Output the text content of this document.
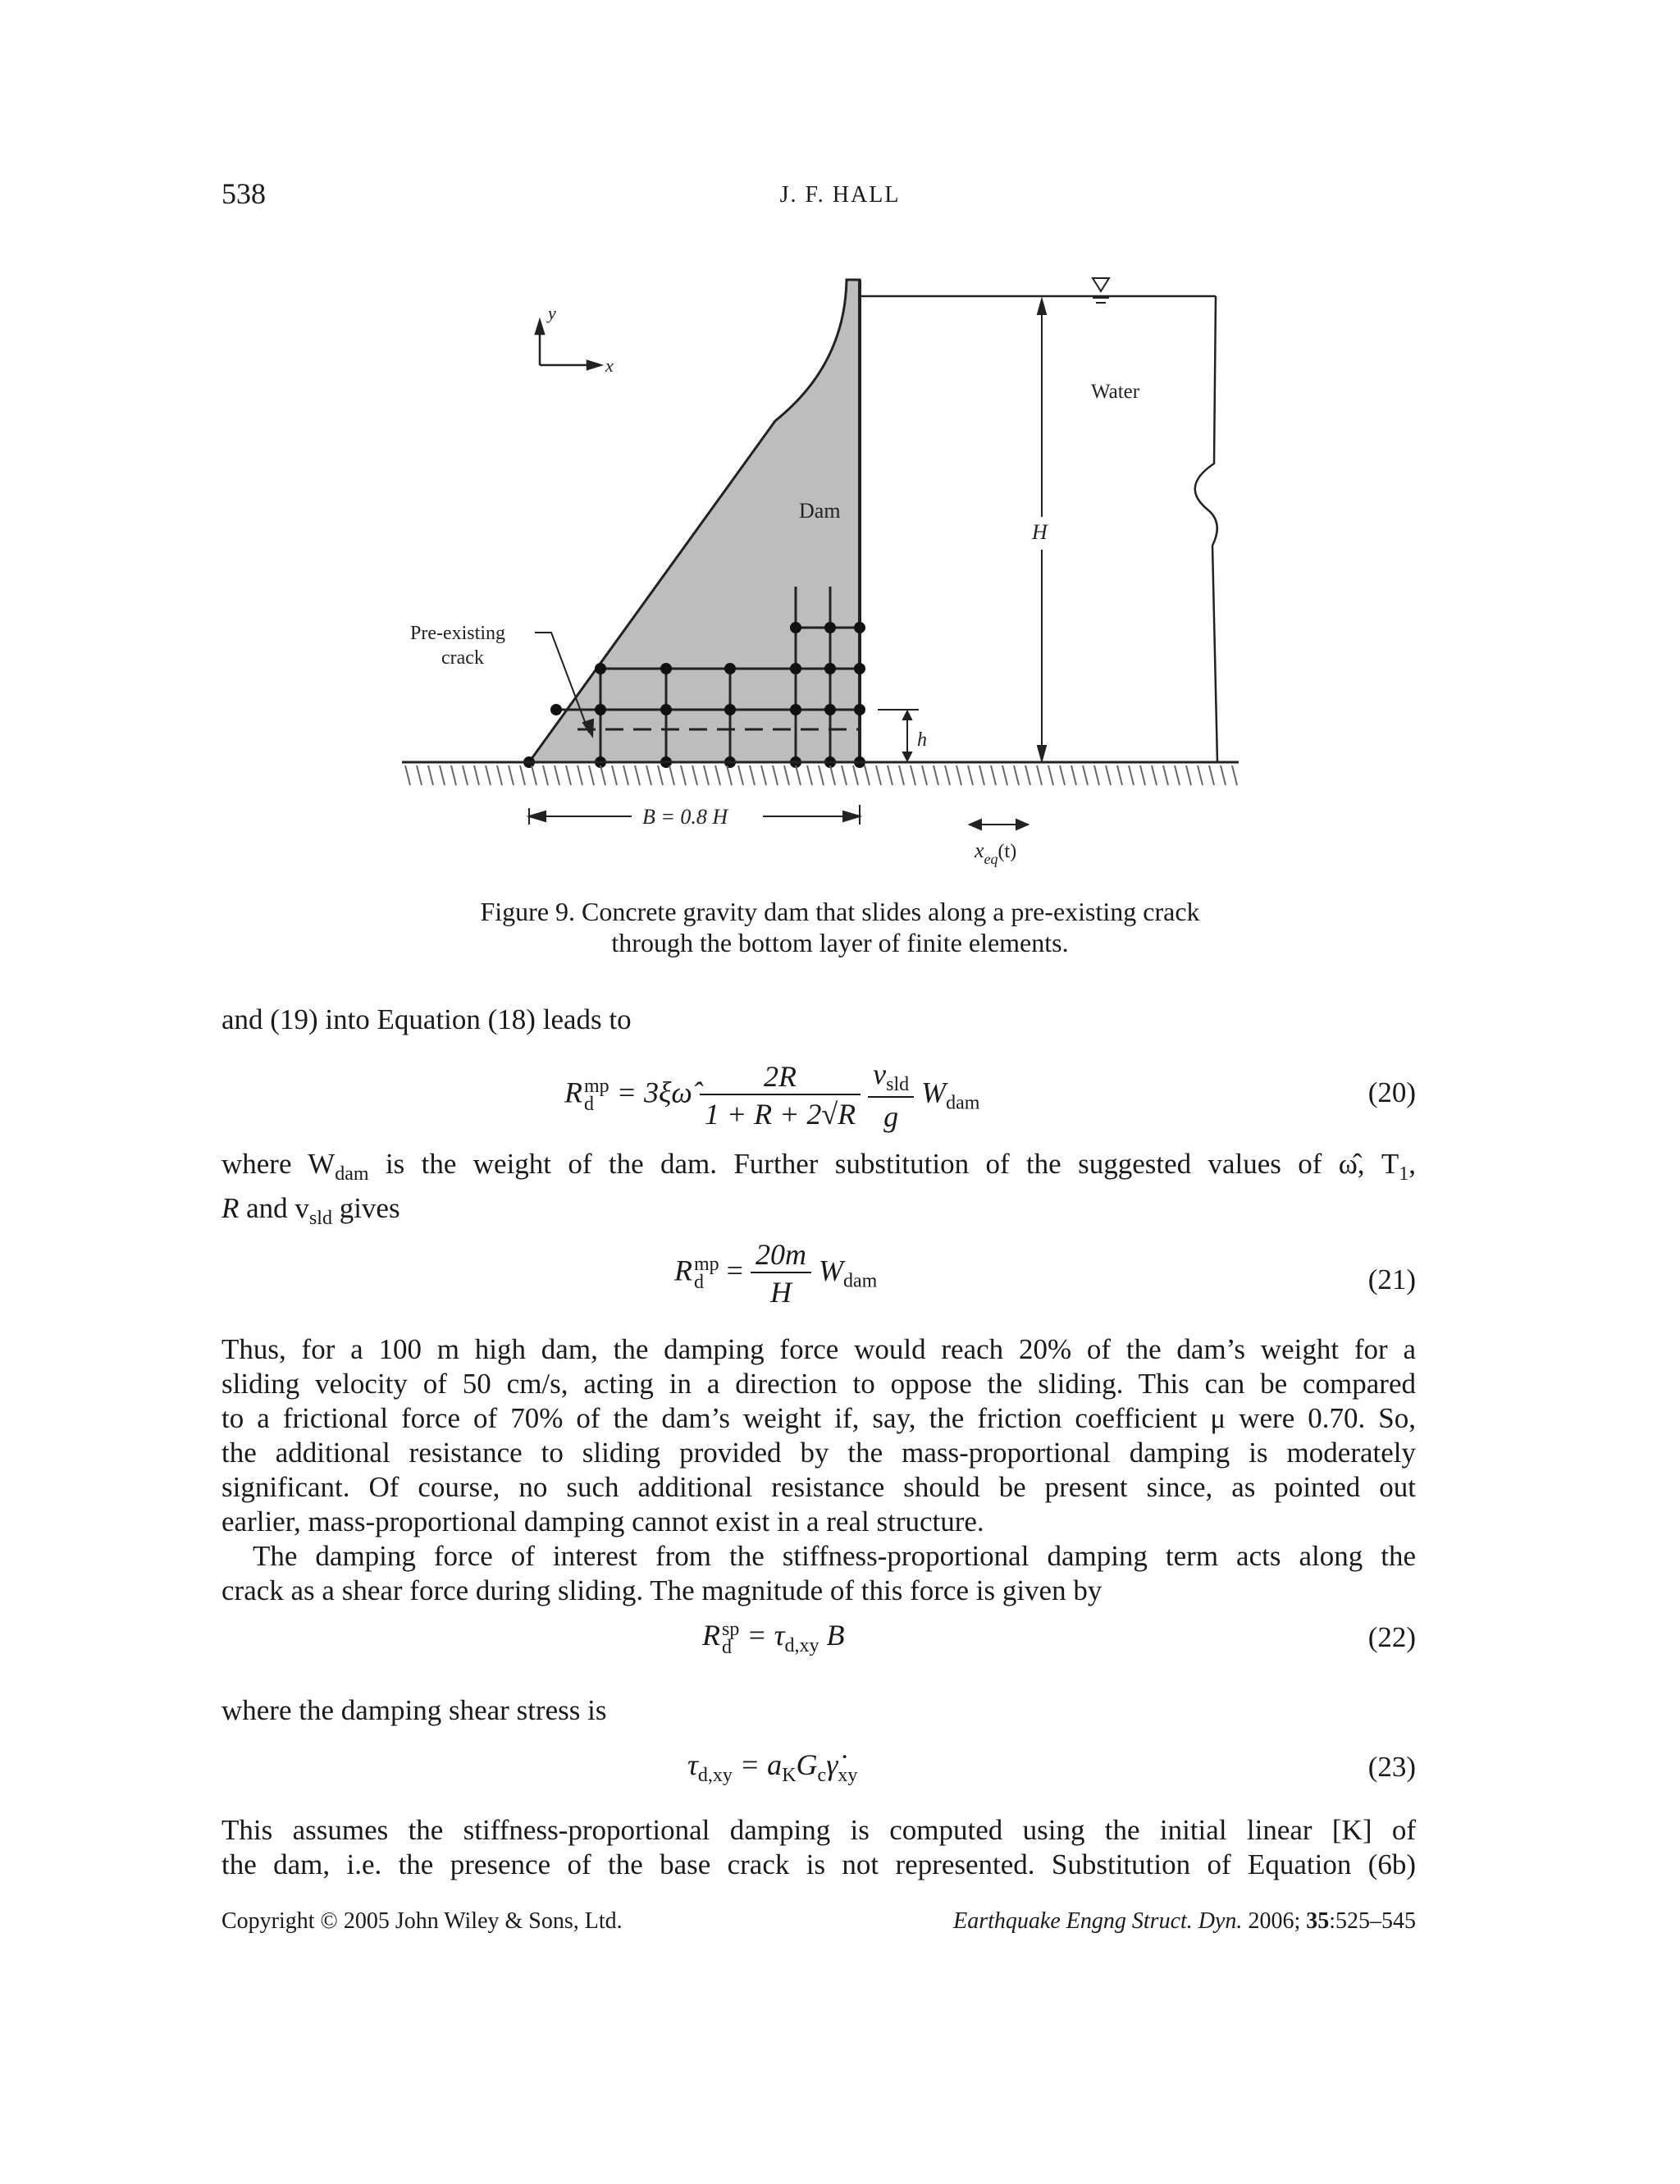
538	J. F. HALL
y
x
Water
H
Dam
Pre-existing
crack
h
B = 0.8 H
$x_{eq}(t)$
Figure 9. Concrete gravity dam that slides along a pre-existing crack
through the bottom layer of finite elements.
and (19) into Equation (18) leads to
R mp
d = 3ξω̂ $\frac{2R}{1 + R + 2√R}$
$\frac{v_{sld}}{g} W_{dam}$	(20)
where $W_{dam}$ is the weight of the dam. Further substitution of the suggested values of ω̂, $T_1$,
R and $v_{sld}$ gives
R mp
$d = \frac{20m}{H} W_{dam}$	(21)
Thus, for a 100 m high dam, the damping force would reach 20% of the dam’s weight for a
sliding velocity of 50 cm/s, acting in a direction to oppose the sliding. This can be compared
to a frictional force of 70% of the dam’s weight if, say, the friction coefficient μ were 0.70. So,
the additional resistance to sliding provided by the mass-proportional damping is moderately
significant. Of course, no such additional resistance should be present since, as pointed out
earlier, mass-proportional damping cannot exist in a real structure.
The damping force of interest from the stiffness-proportional damping term acts along the
crack as a shear force during sliding. The magnitude of this force is given by
R sp
$d = \tau_{d,xy}$ B	(22)
where the damping shear stress is
$\tau_{d,xy}$ = $a_KG_c\gammȧ_{xy}$	(23)
This assumes the stiffness-proportional damping is computed using the initial linear [K] of
the dam, i.e. the presence of the base crack is not represented. Substitution of Equation (6b)
Copyright © 2005 John Wiley & Sons, Ltd.	Earthquake Engng Struct. Dyn. 2006; 35:525–545
